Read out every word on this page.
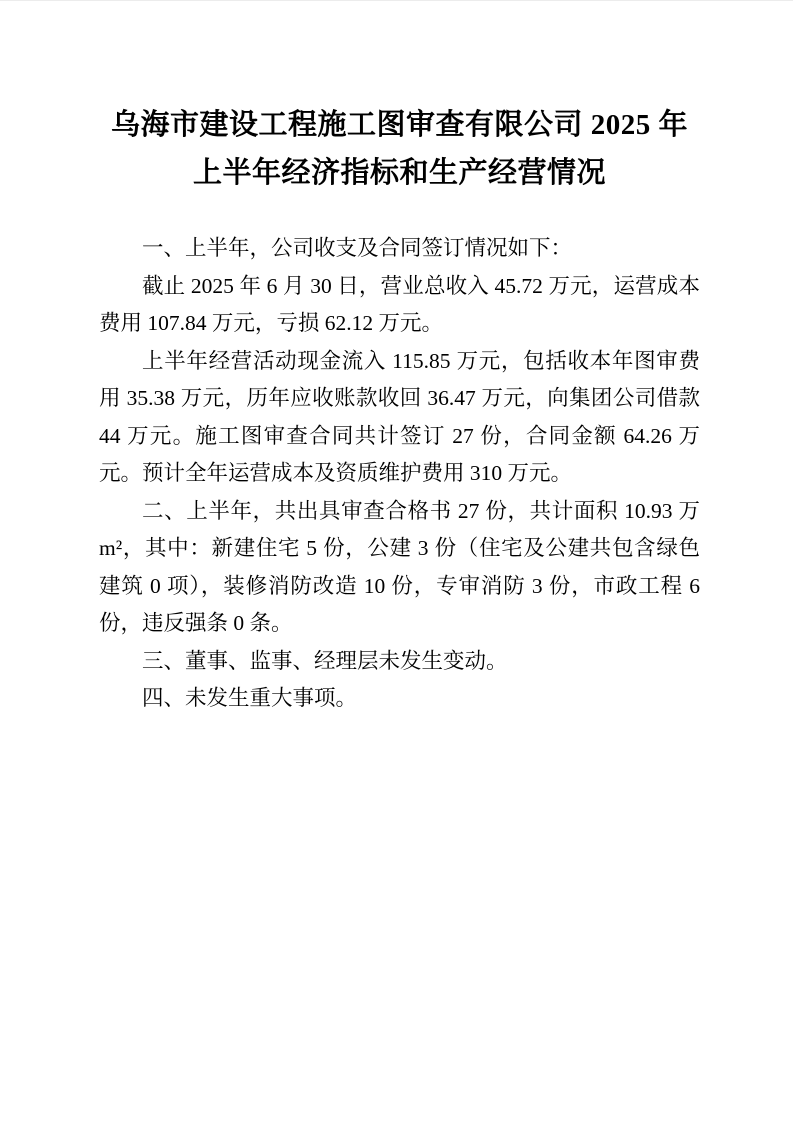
乌海市建设工程施工图审查有限公司 2025 年
上半年经济指标和生产经营情况

一、上半年，公司收支及合同签订情况如下：

截止 2025 年 6 月 30 日，营业总收入 45.72 万元，运营成本费用 107.84 万元，亏损 62.12 万元。

上半年经营活动现金流入 115.85 万元，包括收本年图审费用 35.38 万元，历年应收账款收回 36.47 万元，向集团公司借款 44 万元。施工图审查合同共计签订 27 份，合同金额 64.26 万元。预计全年运营成本及资质维护费用 310 万元。

二、上半年，共出具审查合格书 27 份，共计面积 10.93 万m²，其中：新建住宅 5 份，公建 3 份（住宅及公建共包含绿色建筑 0 项），装修消防改造 10 份，专审消防 3 份，市政工程 6 份，违反强条 0 条。

三、董事、监事、经理层未发生变动。

四、未发生重大事项。
